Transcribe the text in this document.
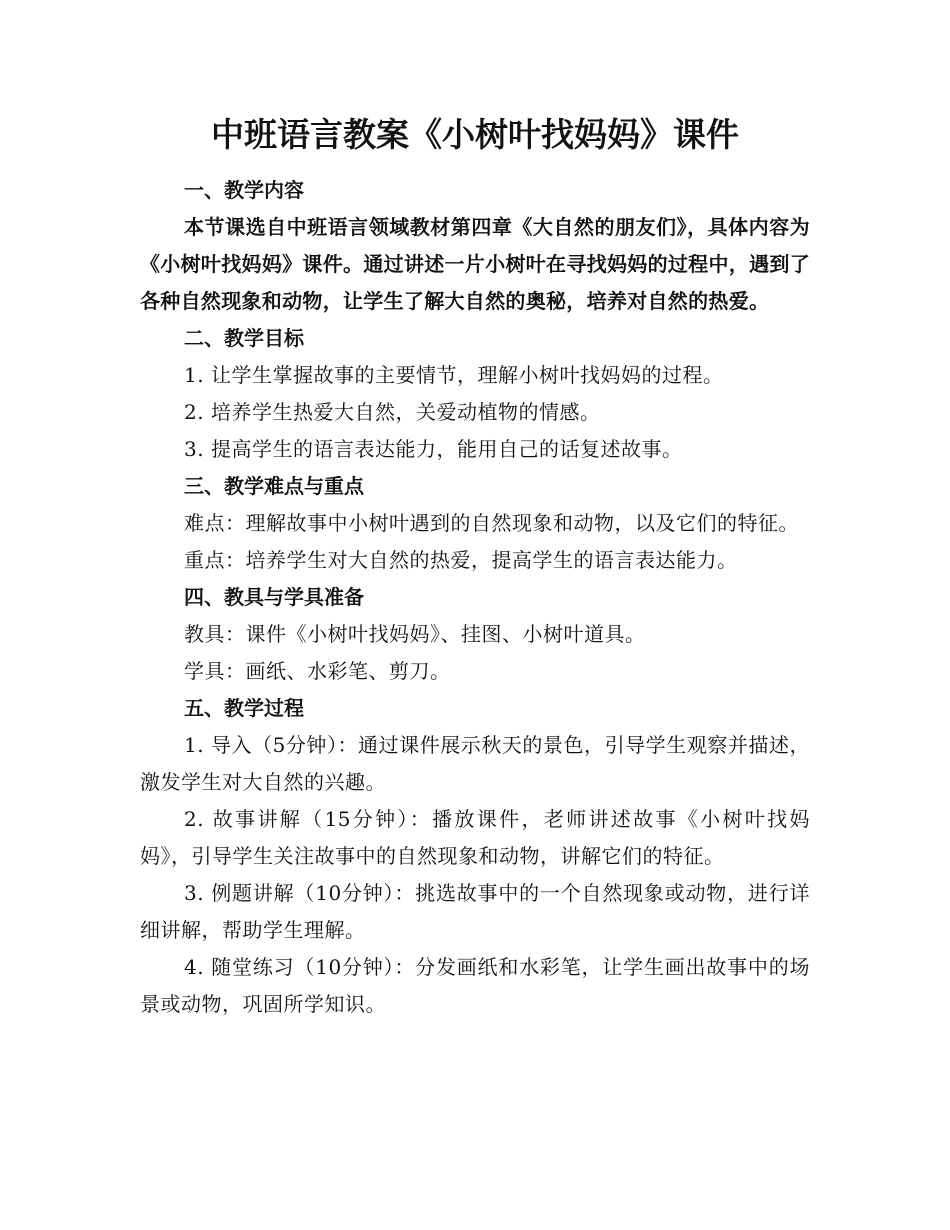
中班语言教案《小树叶找妈妈》课件
一、教学内容

本节课选自中班语言领域教材第四章《大自然的朋友们》，具体内容为《小树叶找妈妈》课件。通过讲述一片小树叶在寻找妈妈的过程中，遇到了各种自然现象和动物，让学生了解大自然的奥秘，培养对自然的热爱。

二、教学目标

1. 让学生掌握故事的主要情节，理解小树叶找妈妈的过程。

2. 培养学生热爱大自然，关爱动植物的情感。

3. 提高学生的语言表达能力，能用自己的话复述故事。

三、教学难点与重点

难点：理解故事中小树叶遇到的自然现象和动物，以及它们的特征。

重点：培养学生对大自然的热爱，提高学生的语言表达能力。

四、教具与学具准备

教具：课件《小树叶找妈妈》、挂图、小树叶道具。

学具：画纸、水彩笔、剪刀。

五、教学过程

1. 导入（5分钟）：通过课件展示秋天的景色，引导学生观察并描述，激发学生对大自然的兴趣。

2. 故事讲解（15分钟）：播放课件，老师讲述故事《小树叶找妈妈》，引导学生关注故事中的自然现象和动物，讲解它们的特征。

3. 例题讲解（10分钟）：挑选故事中的一个自然现象或动物，进行详细讲解，帮助学生理解。

4. 随堂练习（10分钟）：分发画纸和水彩笔，让学生画出故事中的场景或动物，巩固所学知识。
